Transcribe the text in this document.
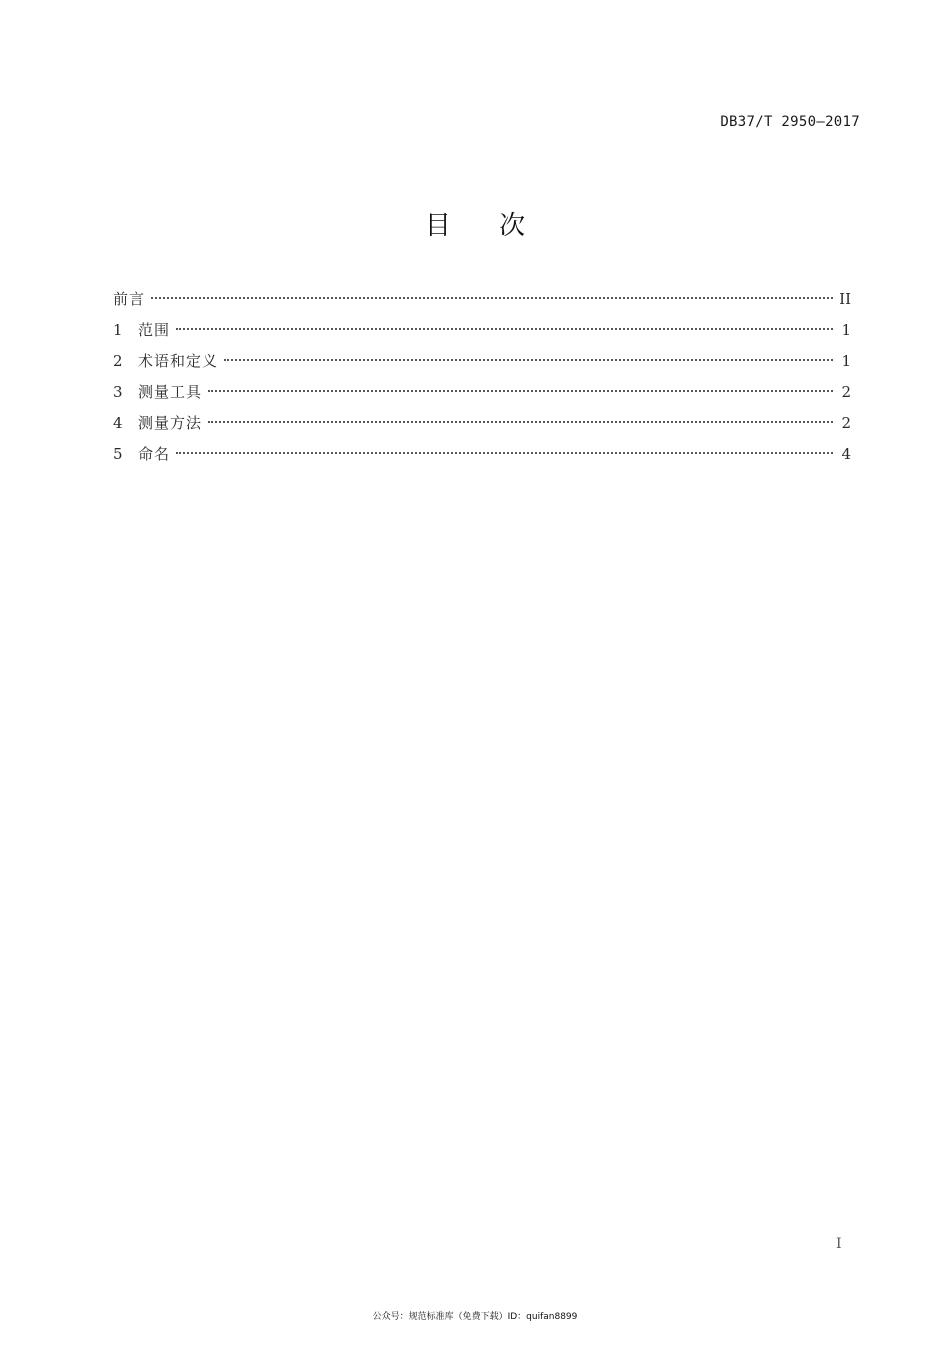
DB37/T 2950—2017
目 次
前言	II
1	范围	1
2	术语和定义	1
3	测量工具	2
4	测量方法	2
5	命名	4
I
公众号：规范标准库（免费下载）ID：quifan8899
